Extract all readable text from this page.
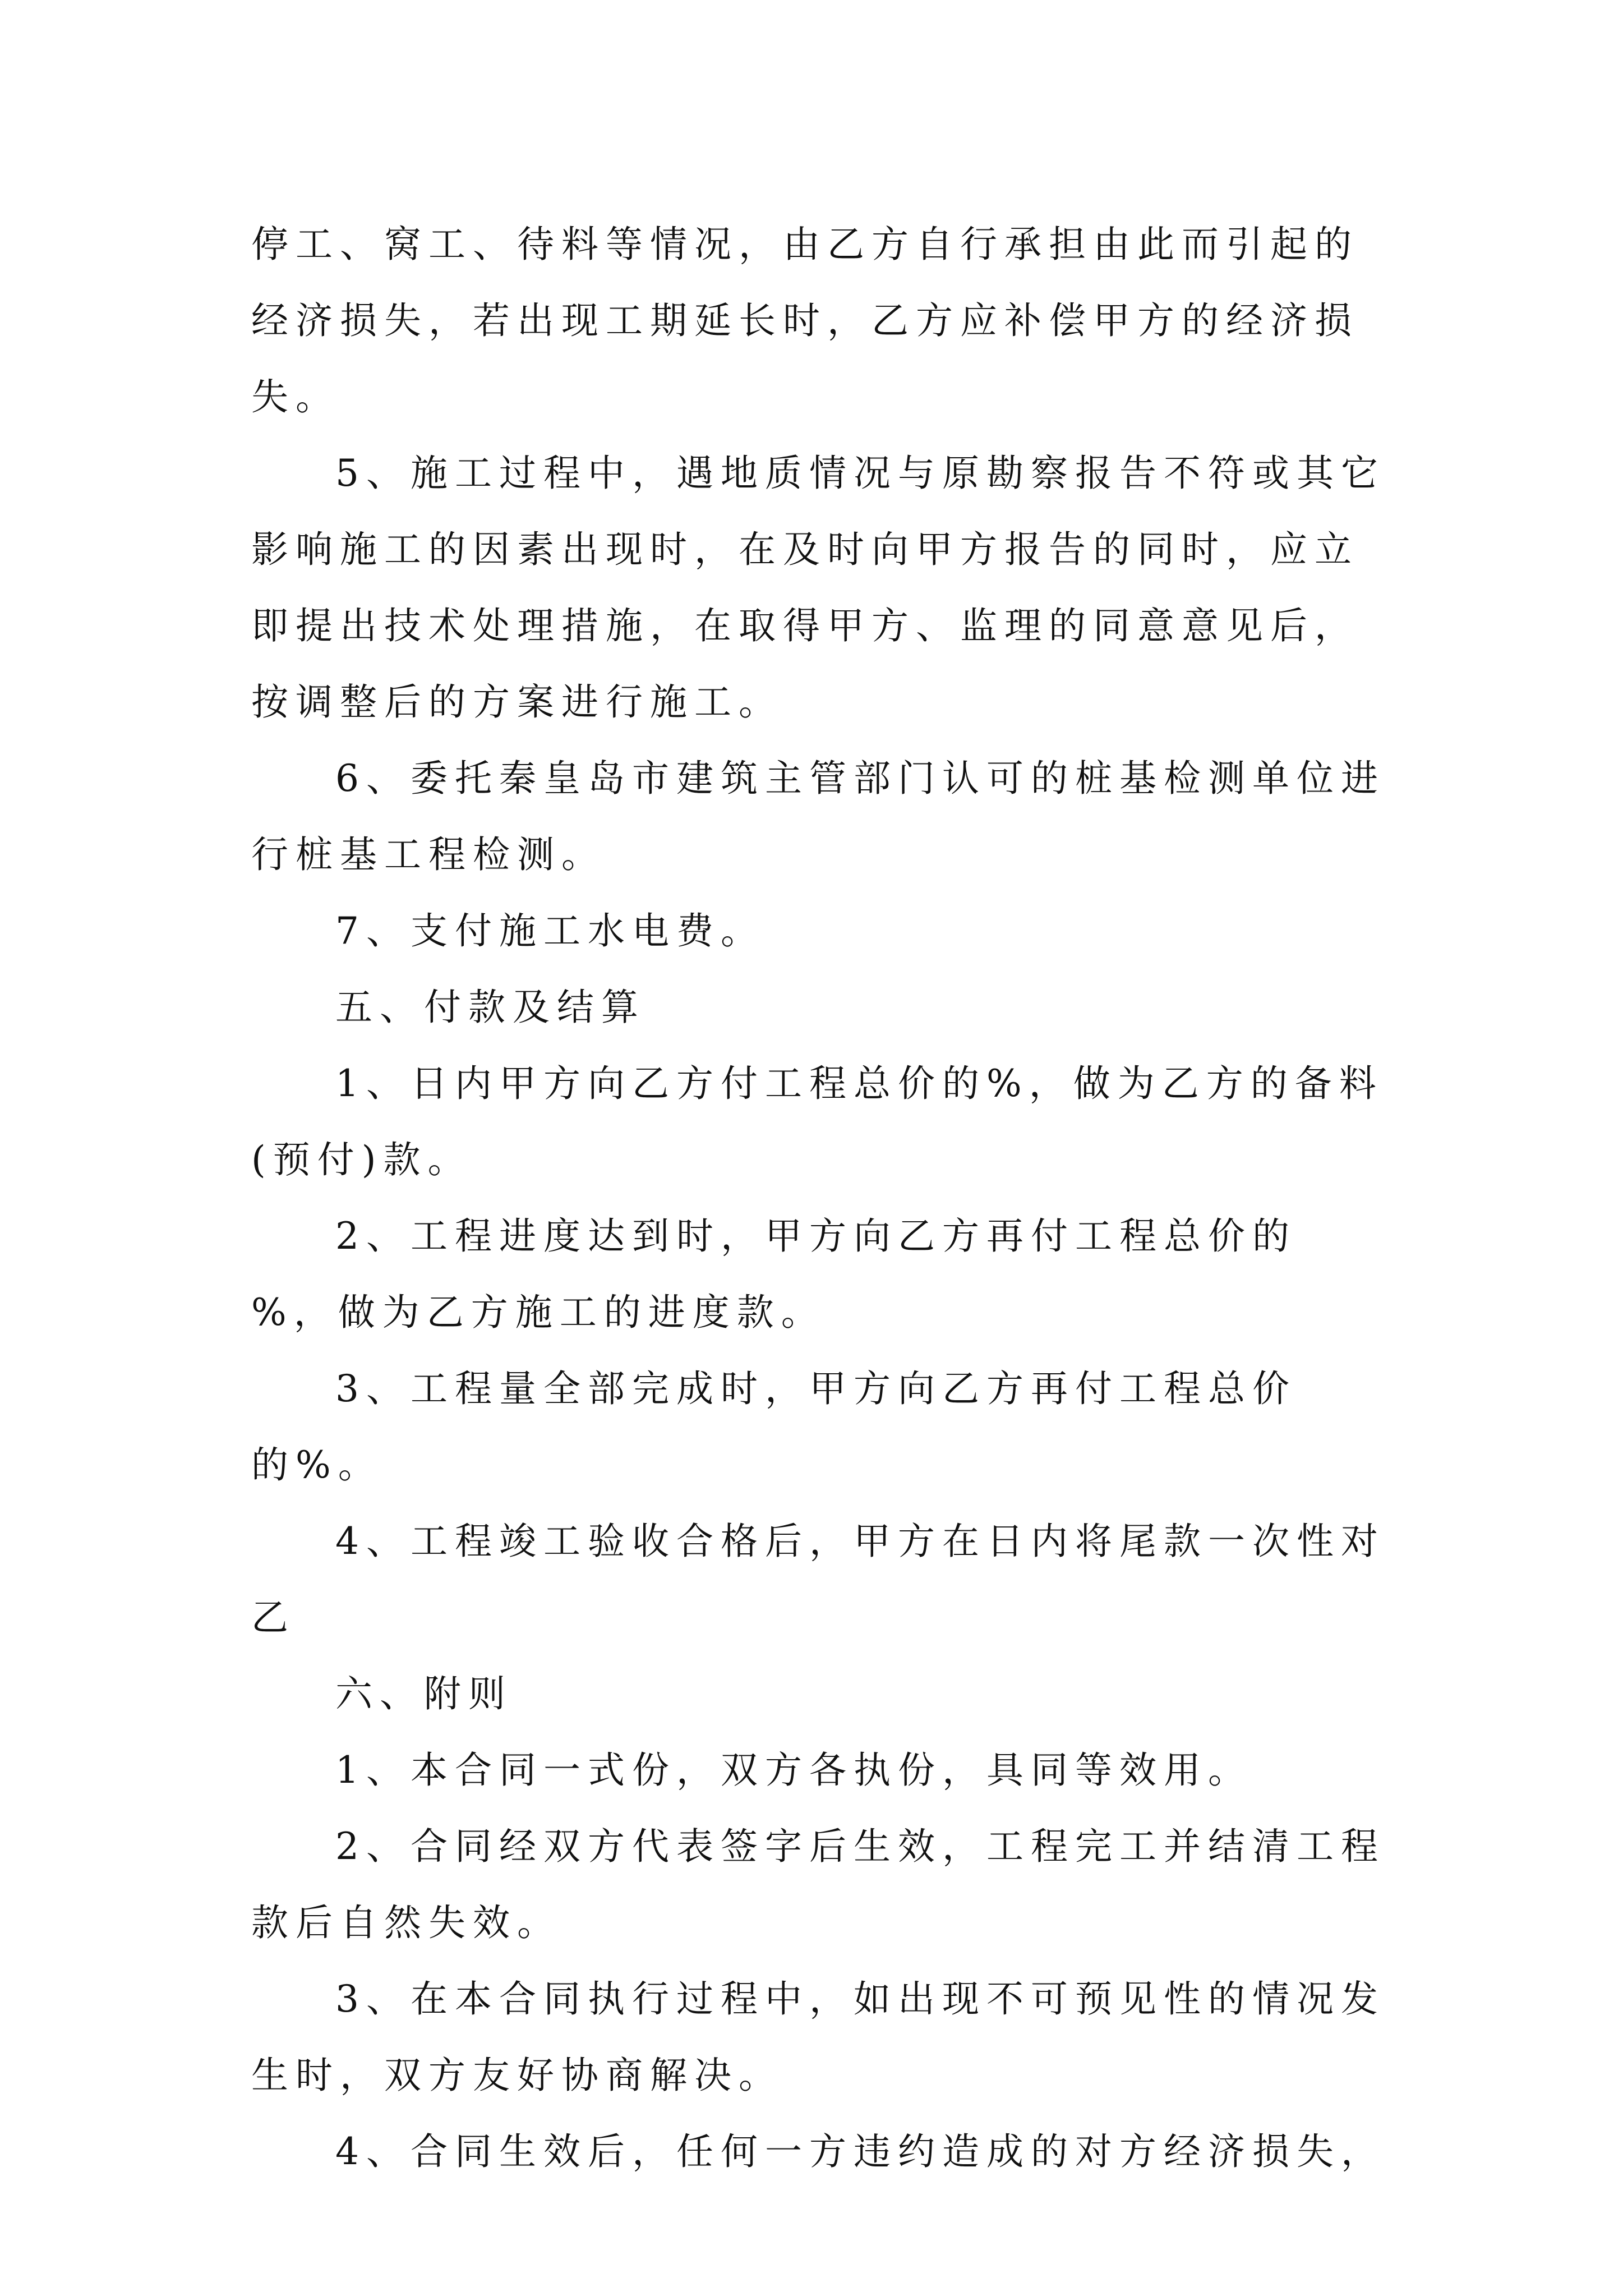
停工、窝工、待料等情况，由乙方自行承担由此而引起的经济损失，若出现工期延长时，乙方应补偿甲方的经济损失。

5、施工过程中，遇地质情况与原勘察报告不符或其它影响施工的因素出现时，在及时向甲方报告的同时，应立即提出技术处理措施，在取得甲方、监理的同意意见后，按调整后的方案进行施工。

6、委托秦皇岛市建筑主管部门认可的桩基检测单位进行桩基工程检测。

7、支付施工水电费。

五、付款及结算

1、日内甲方向乙方付工程总价的%，做为乙方的备料(预付)款。

2、工程进度达到时，甲方向乙方再付工程总价的 %，做为乙方施工的进度款。

3、工程量全部完成时，甲方向乙方再付工程总价的%。

4、工程竣工验收合格后，甲方在日内将尾款一次性对乙

六、附则

1、本合同一式份，双方各执份，具同等效用。

2、合同经双方代表签字后生效，工程完工并结清工程款后自然失效。

3、在本合同执行过程中，如出现不可预见性的情况发生时，双方友好协商解决。

4、合同生效后，任何一方违约造成的对方经济损失，
